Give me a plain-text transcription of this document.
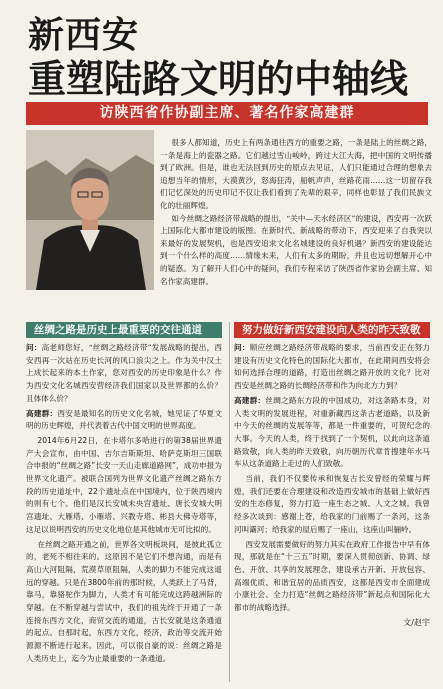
新西安
重塑陆路文明的中轴线
访陕西省作协副主席、著名作家高建群

很多人都知道，历史上有两条通往西方的重要之路，一条是陆上的丝绸之路，一条是海上的瓷器之路。它们越过雪山峻岭，跨过大江大海，把中国的文明传播到了欧洲。但是，谁也无法回到历史的原点去见证，人们只能通过合理的想象去追想当年的情形，大漠黄沙，怒海狂涛，船帆声声，丝路花雨……这一切留存我们记忆深处的历史印记不仅让我们看到了先辈的艰辛，同样也彰显了我们民族文化的壮丽辉煌。

如今丝绸之路经济带战略的提出，“关中—天水经济区”的建设，西安再一次跃上国际化大都市建设的版图。在新时代、新战略的带动下，西安迎来了自我突以来最好的发展契机，也是西安追求文化名城建设的良好机遇？新西安的建设能达到一个什么样的高度……情缘未来，人们有太多的期盼，并且也远切想解开心中的疑惑。为了解开人们心中的疑问，我们专程采访了陕西省作家协会副主席、知名作家高建群。

丝绸之路是历史上最重要的交往通道

问：高老师您好，“丝绸之路经济带”发展战略的提出，西安西再一次站在历史长河的风口浪尖之上。作为关中汉土上成长起来的本土作家，您对西安的历史印象是什么？作为西安文化名城西安营经济我们国家以及世界都的么价？且体体么价？

高建群：西安是最知名的历史文化名城，她见证了华夏文明的历史辉煌，并代表着古代中国文明的世界高度。

2014年6月22日，在卡塔尔多哈进行的第38届世界遗产大会宣布，由中国、吉尔吉斯斯坦、哈萨克斯坦三国联合申报的“丝绸之路”长安一天山走廊道路网”，成功申报为世界文化遗产。被联合国列为世界文化遗产丝绸之路东方段的历史道址中，22个遗址点在中国境内，位于陕西境内的则有七个。他们是汉长安城未央宫遗址、唐长安城大明宫遗址、大雁塔、小雁塔、兴教寺塔、彬县大佛寺塔等，这足以说明西安的历史文化地位是其他城市无可比拟的。

在丝绸之路开通之前，世界各文明板块间，是彼此孤立的，老死不相往来的。这原因不是它们不想沟通，而是有高山大河阻隔，荒漠草原阻隔，人类的脚力不能完成这遥远的穿越。只是在3800年前的那时候，人类跃上了马背，靠马，靠骆驼作为脚力，人类才有可能完成这跨越洲际的穿越。在不断穿越与尝试中，我们的祖先终于开通了一条连接东西方文化，商贸交流的通道，古长安就是这条通道的起点。自那时起，东西方文化，经济，政治等交流开始源源不断进行起来。因此，可以很自豪的说：丝绸之路是人类历史上，迄今为止最重要的一条通道。

努力做好新西安建设向人类的昨天致敬

问：顺应丝绸之路经济带战略的要求，当前西安正在努力建设有历史文化特色的国际化大都市，在此期间西安将会如何选择合理的道路，打造出丝绸之路开放的文化？比对西安是丝绸之路的长绸经济带和作为向北方力到？

高建群：丝绸之路东方段的中国成功，对这条路本身，对人类文明的发展进程，对重新藏西这条古老道路，以及新中今天的丝绸的发展等等，都是一件重要的，可贺纪念的大事。今天的人类，终于找到了一个契机，以此向这条道路致敬，向人类的昨天致敬，向历朝历代章肯搜建年水马车从这条道路上走过的人们致敬。

当前，我们不仅要传承和恢复古长安曾经的荣耀与辉煌，我们还要在合理建设和改造西安城市的基础上做好西安的生态修复，努力打造一座生态之城、人文之城。我曾经多次谈到：感谢上苍，给我家的门前赐了一条河，这条河叫灞河；给我家的屋后赐了一座山，这座山叫骊岭。

西安发展需要做好的努力其实在政府工作报告中早有体现，那就是在“十三五”时期，要深入贯彻创新、协调、绿色、开放、共享的发展理念，建设承古开新、开放包容、高端优质、和谐宜居的品质西安，这都是西安市全面建成小康社会、全力打造“丝绸之路经济带”新起点和国际化大都市的战略选择。

文/赵宇
